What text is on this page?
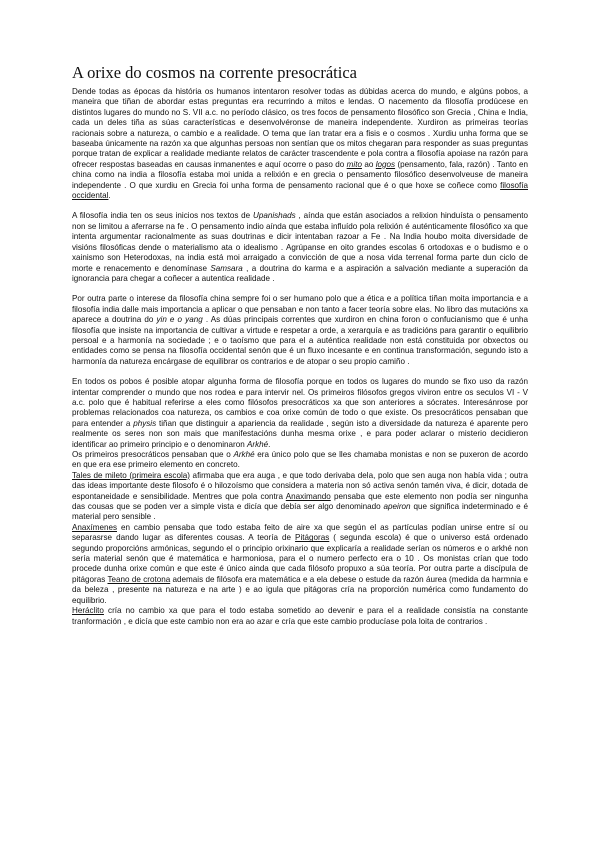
A orixe do cosmos na corrente presocrática

Dende todas as épocas da história os humanos intentaron resolver todas as dúbidas acerca do mundo, e algúns pobos, a maneira que tiñan de abordar estas preguntas era recurrindo a mitos e lendas. O nacemento da filosofía prodúcese en distintos lugares do mundo no S. VII a.c. no período clásico, os tres focos de pensamento filosófico son Grecia , China e India, cada un deles tiña as súas características e desenvolvéronse de maneira independente. Xurdiron as primeiras teorías racionais sobre a natureza, o cambio e a realidade. O tema que ían tratar era a fisis e o cosmos . Xurdiu unha forma que se baseaba únicamente na razón xa que algunhas persoas non sentían que os mitos chegaran para responder as suas preguntas porque tratan de explicar a realidade mediante relatos de carácter trascendente e pola contra a filosofía apoiase na razón para ofrecer respostas baseadas en causas inmanentes e aquí ocorre o paso do mito ao logos (pensamento, fala, razón) . Tanto en china como na india a filosofía estaba moi unida a relixión e en grecia o pensamento filosófico desenvolveuse de maneira independente . O que xurdiu en Grecia foi unha forma de pensamento racional que é o que hoxe se coñece como filosofía occidental.

A filosofía india ten os seus inicios nos textos de Upanishads , aínda que están asociados a relixion hinduísta o pensamento non se limitou a aferrarse na fe . O pensamento indio aínda que estaba influído pola relixión é auténticamente filosófico xa que intenta argumentar racionalmente as suas doutrinas e dicir intentaban razoar a Fe . Na India houbo moita diversidade de visións filosóficas dende o materialismo ata o idealismo . Agrúpanse en oito grandes escolas 6 ortodoxas e o budismo e o xainismo son Heterodoxas, na india está moi arraigado a convicción de que a nosa vida terrenal forma parte dun ciclo de morte e renacemento e denomínase Samsara , a doutrina do karma e a aspiración a salvación mediante a superación da ignorancia para chegar a coñecer a autentica realidade .

Por outra parte o interese da filosofía china sempre foi o ser humano polo que a ética e a política tiñan moita importancia e a filosofía india dalle mais importancia a aplicar o que pensaban e non tanto a facer teoría sobre elas. No libro das mutacións xa aparece a doutrina do yin e o yang . As dúas principais correntes que xurdiron en china foron o confucianismo que é unha filosofía que insiste na importancia de cultivar a virtude e respetar a orde, a xerarquía e as tradicións para garantir o equilibrio persoal e a harmonía na sociedade ; e o taoísmo que para el a auténtica realidade non está constituida por obxectos ou entidades como se pensa na filosofía occidental senón que é un fluxo incesante e en continua transformación, segundo isto a harmonía da natureza encárgase de equilibrar os contrarios e de atopar o seu propio camiño .

En todos os pobos é posible atopar algunha forma de filosofía porque en todos os lugares do mundo se fixo uso da razón intentar comprender o mundo que nos rodea e para intervir nel. Os primeiros filósofos gregos viviron entre os seculos VI - V a.c. polo que é habitual referirse a eles como filósofos presocráticos xa que son anteriores a sócrates. Interesánrose por problemas relacionados coa natureza, os cambios e coa orixe común de todo o que existe. Os presocráticos pensaban que para entender a physis tiñan que distinguir a apariencia da realidade , según isto a diversidade da natureza é aparente pero realmente os seres non son mais que manifestacións dunha mesma orixe , e para poder aclarar o misterio decidieron identificar ao primeiro principio e o denominaron Arkhé.

Os primeiros presocráticos pensaban que o Arkhé era único polo que se lles chamaba monistas e non se puxeron de acordo en que era ese primeiro elemento en concreto.

Tales de mileto (primeira escola) afirmaba que era auga , e que todo derivaba dela, polo que sen auga non había vida ; outra das ideas importante deste filosofo é o hilozoísmo que considera a materia non só activa senón tamén viva, é dicir, dotada de espontaneidade e sensibilidade. Mentres que pola contra Anaximando pensaba que este elemento non podía ser ningunha das cousas que se poden ver a simple vista e dicía que debía ser algo denominado apeiron que significa indeterminado e é material pero sensible .

Anaxímenes en cambio pensaba que todo estaba feito de aire xa que según el as partículas podían unirse entre sí ou separasrse dando lugar as diferentes cousas. A teoría de Pitágoras ( segunda escola) é que o universo está ordenado segundo proporcións armónicas, segundo el o principio orixinario que explicaría a realidade serían os números e o arkhé non sería material senón que é matemática e harmoniosa, para el o numero perfecto era o 10 . Os monistas crían que todo procede dunha orixe común e que este é único ainda que cada filósofo propuxo a súa teoría. Por outra parte a discípula de pitágoras Teano de crotona ademais de filósofa era matemática e a ela debese o estude da razón áurea (medida da harmnia e da beleza , presente na natureza e na arte ) e ao igula que pitágoras cría na proporción numérica como fundamento do equilibrio.

Heráclito cría no cambio xa que para el todo estaba sometido ao devenir e para el a realidade consistía na constante tranformación , e dicía que este cambio non era ao azar e cría que este cambio producíase pola loita de contrarios .
